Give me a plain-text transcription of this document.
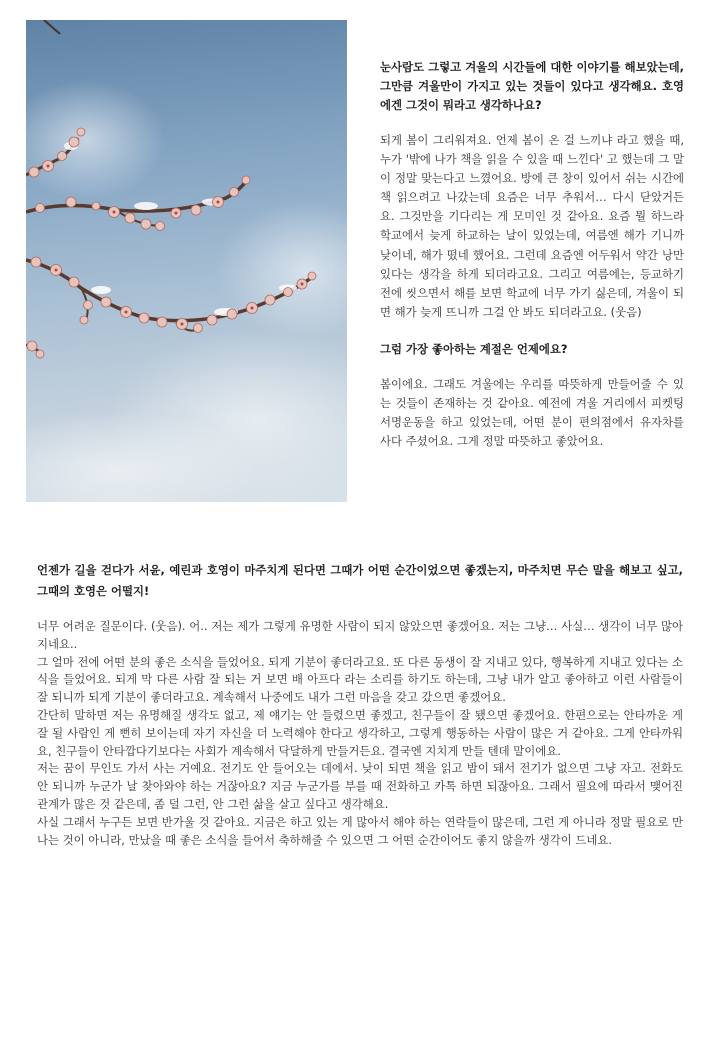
눈사람도 그렇고 겨울의 시간들에 대한 이야기를 해보았는데, 그만큼 겨울만이 가지고 있는 것들이 있다고 생각해요. 호영에겐 그것이 뭐라고 생각하나요?

되게 봄이 그리워져요. 언제 봄이 온 걸 느끼냐 라고 했을 때, 누가 '밖에 나가 책을 읽을 수 있을 때 느낀다' 고 했는데 그 말이 정말 맞는다고 느꼈어요. 방에 큰 창이 있어서 쉬는 시간에 책 읽으려고 나갔는데 요즘은 너무 추워서… 다시 닫았거든요. 그것만을 기다리는 게 모미인 것 같아요. 요즘 뭘 하느라 학교에서 늦게 하교하는 날이 있었는데, 여름엔 해가 기니까 낮이네, 해가 떴네 했어요. 그런데 요즘엔 어두워서 약간 낭만 있다는 생각을 하게 되더라고요. 그리고 여름에는, 등교하기 전에 씻으면서 해를 보면 학교에 너무 가기 싫은데, 겨울이 되면 해가 늦게 뜨니까 그걸 안 봐도 되더라고요. (웃음)

그럼 가장 좋아하는 계절은 언제에요?

봄이에요. 그래도 겨울에는 우리를 따뜻하게 만들어줄 수 있는 것들이 존재하는 것 같아요. 예전에 겨울 거리에서 피켓팅 서명운동을 하고 있었는데, 어떤 분이 편의점에서 유자차를 사다 주셨어요. 그게 정말 따뜻하고 좋았어요.

언젠가 길을 걷다가 서윤, 예린과 호영이 마주치게 된다면 그때가 어떤 순간이었으면 좋겠는지, 마주치면 무슨 말을 해보고 싶고, 그때의 호영은 어떨지!

너무 어려운 질문이다. (웃음). 어.. 저는 제가 그렇게 유명한 사람이 되지 않았으면 좋겠어요. 저는 그냥… 사실… 생각이 너무 많아지네요..

그 얼마 전에 어떤 분의 좋은 소식을 들었어요. 되게 기분이 좋더라고요. 또 다른 동생이 잘 지내고 있다, 행복하게 지내고 있다는 소식을 들었어요. 되게 막 다른 사람 잘 되는 거 보면 배 아프다 라는 소리를 하기도 하는데, 그냥 내가 알고 좋아하고 이런 사람들이 잘 되니까 되게 기분이 좋더라고요. 계속해서 나중에도 내가 그런 마음을 갖고 갔으면 좋겠어요.

간단히 말하면 저는 유명해질 생각도 없고, 제 얘기는 안 들렸으면 좋겠고, 친구들이 잘 됐으면 좋겠어요. 한편으로는 안타까운 게 잘 될 사람인 게 뻔히 보이는데 자기 자신을 더 노력해야 한다고 생각하고, 그렇게 행동하는 사람이 많은 거 같아요. 그게 안타까워요, 친구들이 안타깝다기보다는 사회가 계속해서 닥달하게 만들거든요. 결국엔 지치게 만들 텐데 말이에요.

저는 꿈이 무인도 가서 사는 거예요. 전기도 안 들어오는 데에서. 낮이 되면 책을 읽고 밤이 돼서 전기가 없으면 그냥 자고. 전화도 안 되니까 누군가 날 찾아와야 하는 거잖아요? 지금 누군가를 부를 때 전화하고 카톡 하면 되잖아요. 그래서 필요에 따라서 맺어진 관계가 많은 것 같은데, 좀 덜 그런, 안 그런 삶을 살고 싶다고 생각해요.

사실 그래서 누구든 보면 반가울 것 같아요. 지금은 하고 있는 게 많아서 해야 하는 연락들이 많은데, 그런 게 아니라 정말 필요로 만나는 것이 아니라, 만났을 때 좋은 소식을 들어서 축하해줄 수 있으면 그 어떤 순간이어도 좋지 않을까 생각이 드네요.
